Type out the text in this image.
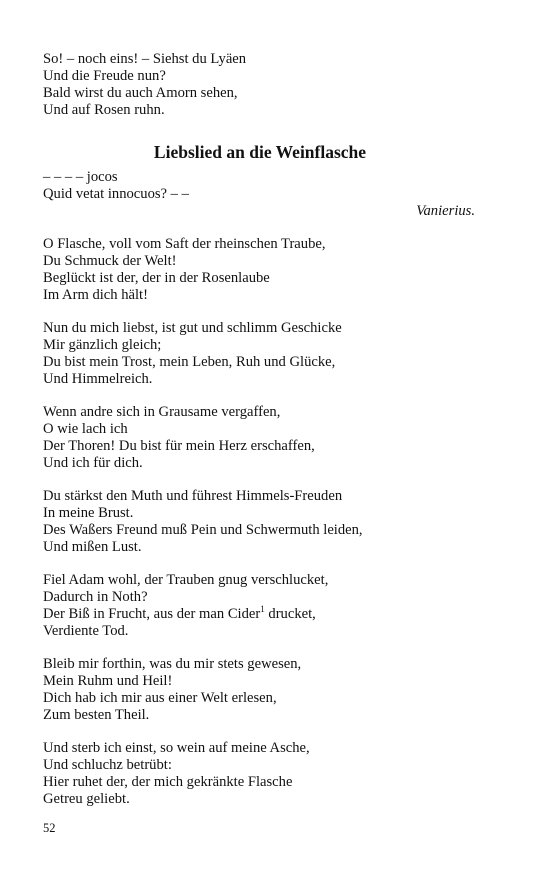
So! – noch eins! – Siehst du Lyäen
Und die Freude nun?
Bald wirst du auch Amorn sehen,
Und auf Rosen ruhn.
Liebslied an die Weinflasche
– – – – jocos
Quid vetat innocuos? – –
Vanierius.
O Flasche, voll vom Saft der rheinschen Traube,
Du Schmuck der Welt!
Beglückt ist der, der in der Rosenlaube
Im Arm dich hält!
Nun du mich liebst, ist gut und schlimm Geschicke
Mir gänzlich gleich;
Du bist mein Trost, mein Leben, Ruh und Glücke,
Und Himmelreich.
Wenn andre sich in Grausame vergaffen,
O wie lach ich
Der Thoren! Du bist für mein Herz erschaffen,
Und ich für dich.
Du stärkst den Muth und führest Himmels-Freuden
In meine Brust.
Des Waßers Freund muß Pein und Schwermuth leiden,
Und mißen Lust.
Fiel Adam wohl, der Trauben gnug verschlucket,
Dadurch in Noth?
Der Biß in Frucht, aus der man Cider$^1$ drucket,
Verdiente Tod.
Bleib mir forthin, was du mir stets gewesen,
Mein Ruhm und Heil!
Dich hab ich mir aus einer Welt erlesen,
Zum besten Theil.
Und sterb ich einst, so wein auf meine Asche,
Und schluchz betrübt:
Hier ruhet der, der mich gekränkte Flasche
Getreu geliebt.
52
